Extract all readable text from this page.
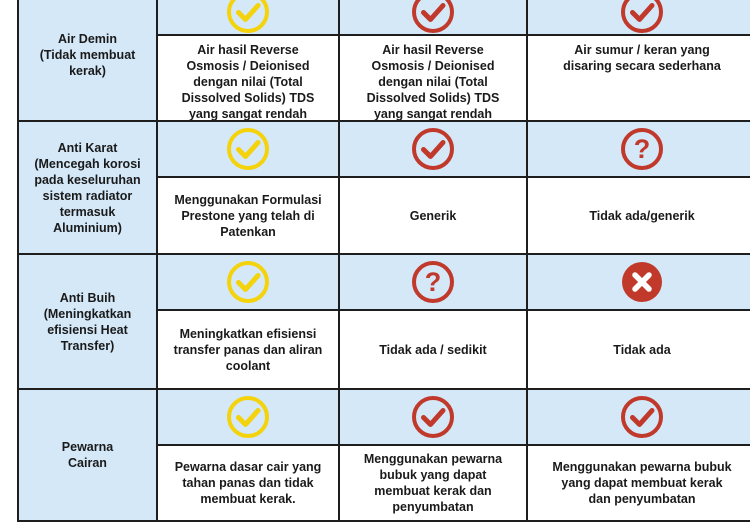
Air Demin
(Tidak membuat
kerak)
Air hasil Reverse
Osmosis / Deionised
dengan nilai (Total
Dissolved Solids) TDS
yang sangat rendah
Air hasil Reverse
Osmosis / Deionised
dengan nilai (Total
Dissolved Solids) TDS
yang sangat rendah
Air sumur / keran yang
disaring secara sederhana
Anti Karat
(Mencegah korosi
pada keseluruhan
sistem radiator
termasuk
Aluminium)
Menggunakan Formulasi
Prestone yang telah di
Patenkan
Generik
?
Tidak ada/generik
Anti Buih
(Meningkatkan
efisiensi Heat
Transfer)
Meningkatkan efisiensi
transfer panas dan aliran
coolant
?
Tidak ada / sedikit	Tidak ada
Pewarna
Cairan	Pewarna dasar cair yang
tahan panas dan tidak
membuat kerak.
Menggunakan pewarna
bubuk yang dapat
membuat kerak dan
penyumbatan
Menggunakan pewarna bubuk
yang dapat membuat kerak
dan penyumbatan
